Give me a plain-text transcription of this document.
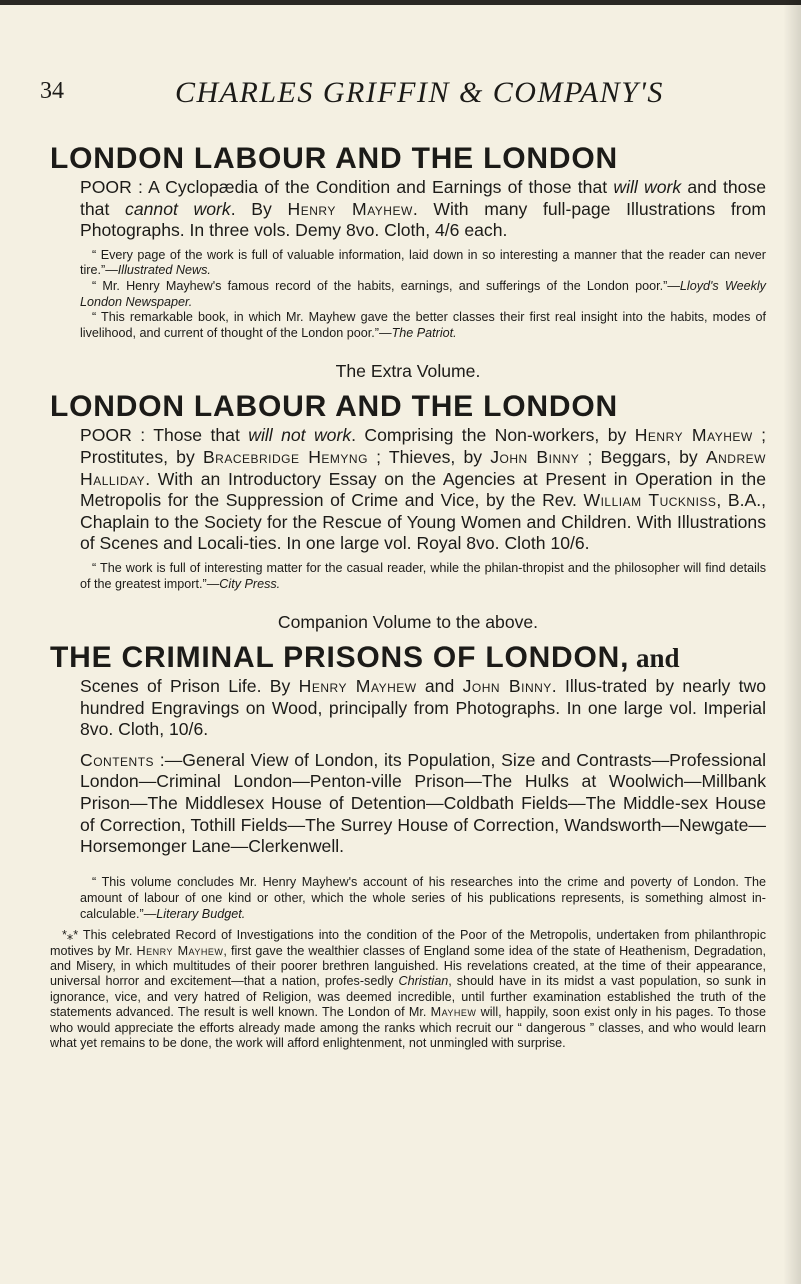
34	CHARLES GRIFFIN & COMPANY'S
LONDON LABOUR AND THE LONDON

POOR : A Cyclopædia of the Condition and Earnings of those that will work and those that cannot work. By Henry Mayhew. With many full-page Illustrations from Photographs. In three vols. Demy 8vo. Cloth, 4/6 each.

“ Every page of the work is full of valuable information, laid down in so interesting a manner that the reader can never tire.”—Illustrated News.

“ Mr. Henry Mayhew's famous record of the habits, earnings, and sufferings of the London poor.”—Lloyd's Weekly London Newspaper.

“ This remarkable book, in which Mr. Mayhew gave the better classes their first real insight into the habits, modes of livelihood, and current of thought of the London poor.”—The Patriot.

The Extra Volume.
LONDON LABOUR AND THE LONDON

POOR : Those that will not work. Comprising the Non-workers, by Henry Mayhew ; Prostitutes, by Bracebridge Hemyng ; Thieves, by John Binny ; Beggars, by Andrew Halliday. With an Introductory Essay on the Agencies at Present in Operation in the Metropolis for the Suppression of Crime and Vice, by the Rev. William Tuckniss, B.A., Chaplain to the Society for the Rescue of Young Women and Children. With Illustrations of Scenes and Locali-ties. In one large vol. Royal 8vo. Cloth 10/6.

“ The work is full of interesting matter for the casual reader, while the philan-thropist and the philosopher will find details of the greatest import.”—City Press.

Companion Volume to the above.
THE CRIMINAL PRISONS OF LONDON, and

Scenes of Prison Life. By Henry Mayhew and John Binny. Illus-trated by nearly two hundred Engravings on Wood, principally from Photographs. In one large vol. Imperial 8vo. Cloth, 10/6.

Contents :—General View of London, its Population, Size and Contrasts—Professional London—Criminal London—Penton-ville Prison—The Hulks at Woolwich—Millbank Prison—The Middlesex House of Detention—Coldbath Fields—The Middle-sex House of Correction, Tothill Fields—The Surrey House of Correction, Wandsworth—Newgate—Horsemonger Lane—Clerkenwell.

“ This volume concludes Mr. Henry Mayhew's account of his researches into the crime and poverty of London. The amount of labour of one kind or other, which the whole series of his publications represents, is something almost in-calculable.”—Literary Budget.

*⁎* This celebrated Record of Investigations into the condition of the Poor of the Metropolis, undertaken from philanthropic motives by Mr. Henry Mayhew, first gave the wealthier classes of England some idea of the state of Heathenism, Degradation, and Misery, in which multitudes of their poorer brethren languished. His revelations created, at the time of their appearance, universal horror and excitement—that a nation, profes-sedly Christian, should have in its midst a vast population, so sunk in ignorance, vice, and very hatred of Religion, was deemed incredible, until further examination established the truth of the statements advanced. The result is well known. The London of Mr. Mayhew will, happily, soon exist only in his pages. To those who would appreciate the efforts already made among the ranks which recruit our “ dangerous ” classes, and who would learn what yet remains to be done, the work will afford enlightenment, not unmingled with surprise.
